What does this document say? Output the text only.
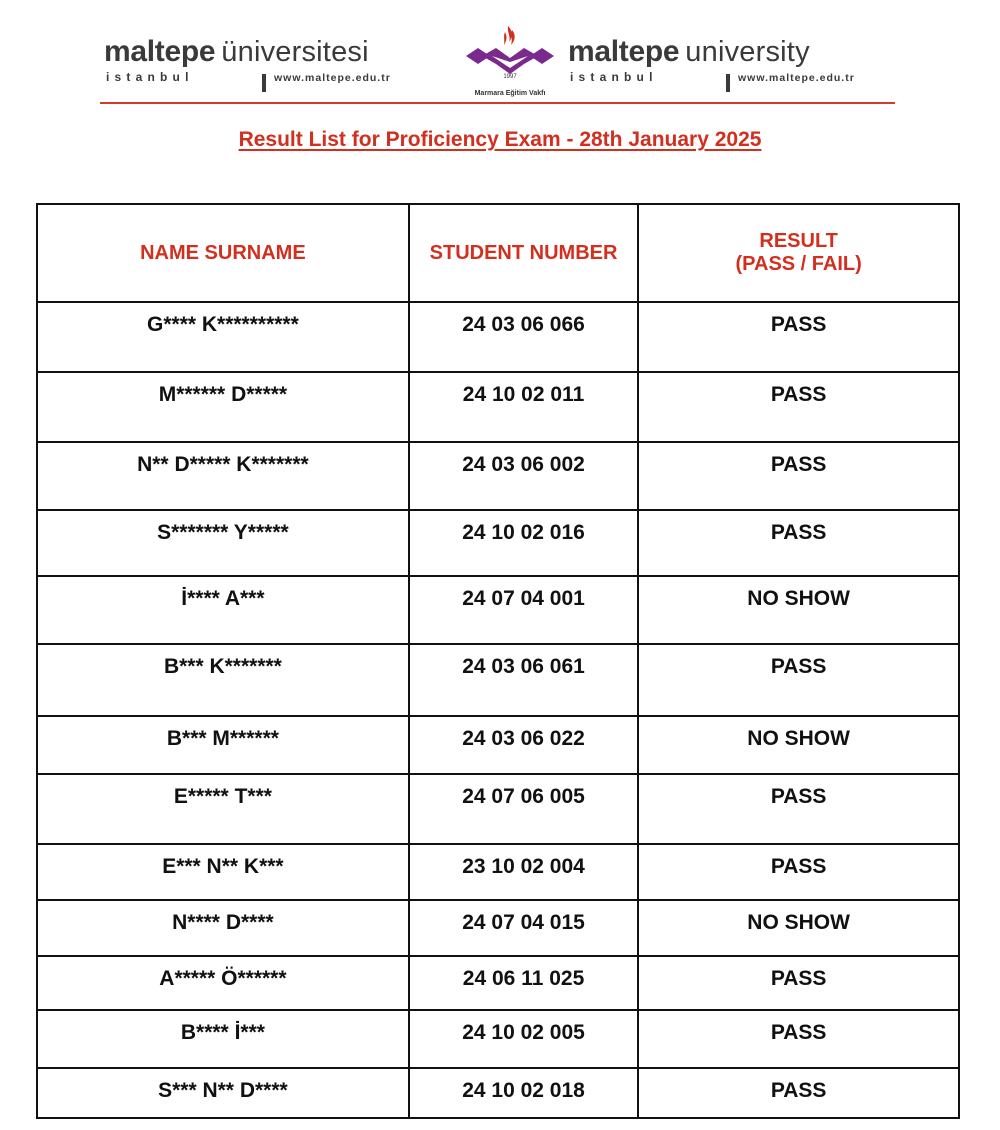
maltepe üniversitesi
istanbul	www.maltepe.edu.tr	1997
Marmara Eğitim Vakfı
maltepe university
istanbul	www.maltepe.edu.tr
Result List for Proficiency Exam - 28th January 2025
NAME SURNAME	STUDENT NUMBER	RESULT
(PASS / FAIL)

G**** K**********	24 03 06 066	PASS

M****** D*****	24 10 02 011	PASS

N** D***** K*******	24 03 06 002	PASS

S******* Y*****	24 10 02 016	PASS

İ**** A***	24 07 04 001	NO SHOW

B*** K*******	24 03 06 061	PASS

B*** M******	24 03 06 022	NO SHOW

E***** T***	24 07 06 005	PASS

E*** N** K***	23 10 02 004	PASS

N**** D****	24 07 04 015	NO SHOW

A***** Ö******	24 06 11 025	PASS

B**** İ***	24 10 02 005	PASS

S*** N** D****	24 10 02 018	PASS
